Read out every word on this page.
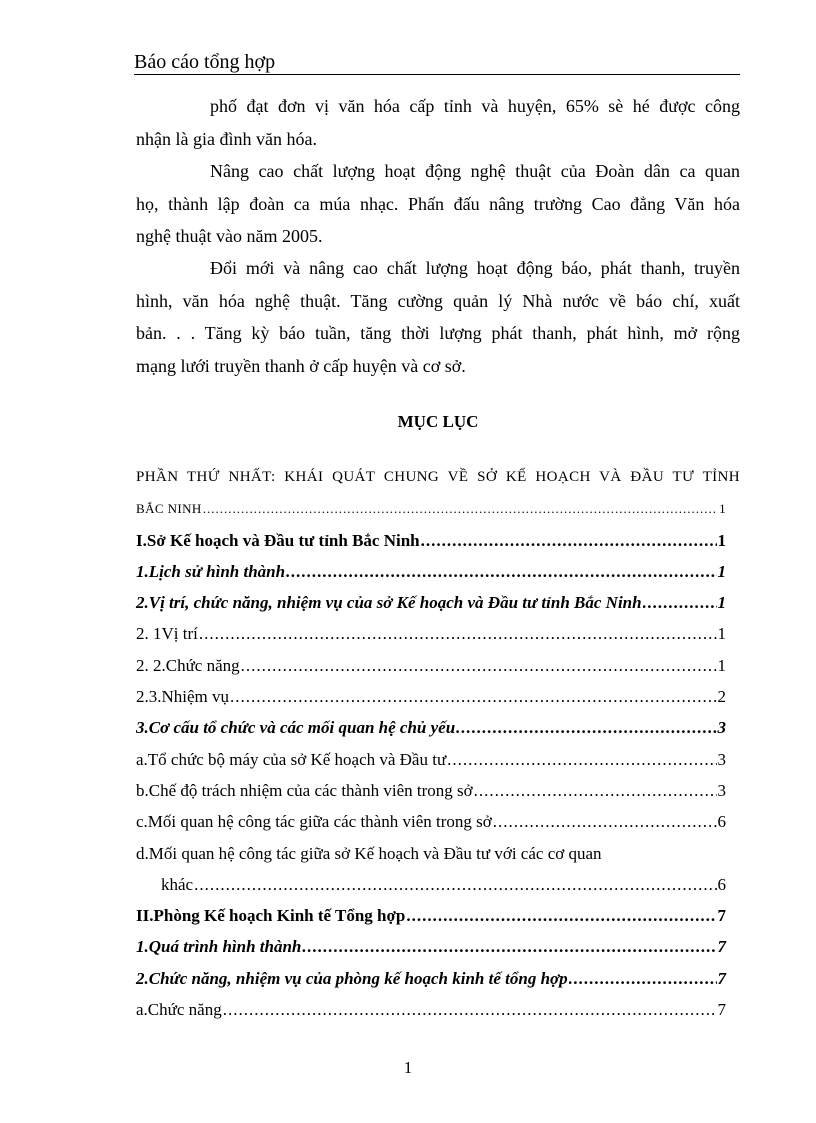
Báo cáo tổng hợp
phố đạt đơn vị văn hóa cấp tỉnh và huyện, 65% sè hé được công
nhận là gia đình văn hóa.
Nâng cao chất lượng hoạt động nghệ thuật của Đoàn dân ca quan
họ, thành lập đoàn ca múa nhạc. Phấn đấu nâng trường Cao đẳng Văn hóa
nghệ thuật vào năm 2005.
Đổi mới và nâng cao chất lượng hoạt động báo, phát thanh, truyền
hình, văn hóa nghệ thuật. Tăng cường quản lý Nhà nước về báo chí, xuất
bản. . . Tăng kỳ báo tuần, tăng thời lượng phát thanh, phát hình, mở rộng
mạng lưới truyền thanh ở cấp huyện và cơ sở.
MỤC LỤC
PHẦN THỨ NHẤT: KHÁI QUÁT CHUNG VỀ SỞ KẾ HOẠCH VÀ ĐẦU TƯ TỈNH
BẮC NINH .....	1
I.Sở Kế hoạch và Đầu tư tỉnh Bắc Ninh .....	1
1.Lịch sử hình thành .....	1
2.Vị trí, chức năng, nhiệm vụ của sở Kế hoạch và Đầu tư tỉnh Bắc Ninh .....	1
2. 1Vị trí .....	1
2. 2.Chức năng .....	1
2.3.Nhiệm vụ .....	2
3.Cơ cấu tổ chức và các mối quan hệ chủ yếu .....	3
a.Tổ chức bộ máy của sở Kế hoạch và Đầu tư .....	3
b.Chế độ trách nhiệm của các thành viên trong sở .....	3
c.Mối quan hệ công tác giữa các thành viên trong sở .....	6
d.Mối quan hệ công tác giữa sở Kế hoạch và Đầu tư với các cơ quan
khác .....	6
II.Phòng Kế hoạch Kinh tế Tổng hợp .....	7
1.Quá trình hình thành .....	7
2.Chức năng, nhiệm vụ của phòng kế hoạch kinh tế tổng hợp .....	7
a.Chức năng .....	7
1
